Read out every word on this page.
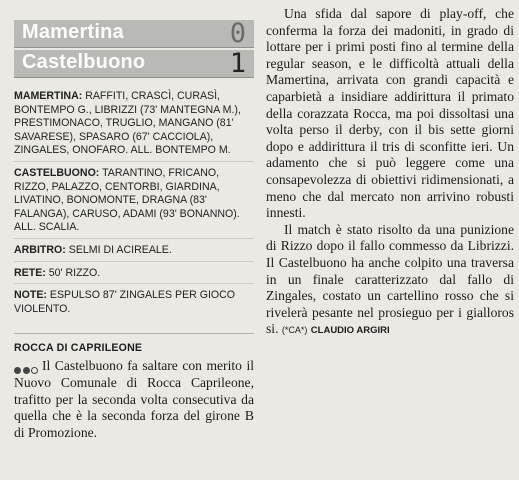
Mamertina	0
Castelbuono	1
MAMERTINA: RAFFITI, CRASCÌ, CURASÌ, BONTEMPO G., LIBRIZZI (73' MANTEGNA M.), PRESTIMONACO, TRUGLIO, MANGANO (81' SAVARESE), SPASARO (67' CACCIOLA), ZINGALES, ONOFARO. ALL. BONTEMPO M.
CASTELBUONO: TARANTINO, FRICANO, RIZZO, PALAZZO, CENTORBI, GIARDINA, LIVATINO, BONOMONTE, DRAGNA (83' FALANGA), CARUSO, ADAMI (93' BONANNO). ALL. SCALIA.
ARBITRO: SELMI DI ACIREALE.
RETE: 50' RIZZO.
NOTE: ESPULSO 87' ZINGALES PER GIOCO VIOLENTO.
ROCCA DI CAPRILEONE
Il Castelbuono fa saltare con merito il Nuovo Comunale di Rocca Caprileone, trafitto per la seconda volta consecutiva da quella che è la seconda forza del girone B di Promozione.

Una sfida dal sapore di play-off, che conferma la forza dei madoniti, in grado di lottare per i primi posti fino al termine della regular season, e le difficoltà attuali della Mamertina, arrivata con grandi capacità e caparbietà a insidiare addirittura il primato della corazzata Rocca, ma poi dissoltasi una volta perso il derby, con il bis sette giorni dopo e addirittura il tris di sconfitte ieri. Un adamento che si può leggere come una consapevolezza di obiettivi ridimensionati, a meno che dal mercato non arrivino robusti innesti.

Il match è stato risolto da una punizione di Rizzo dopo il fallo commesso da Librizzi. Il Castelbuono ha anche colpito una traversa in un finale caratterizzato dal fallo di Zingales, costato un cartellino rosso che si rivelerà pesante nel prosieguo per i gialloros si. (*CA*) CLAUDIO ARGIRI
